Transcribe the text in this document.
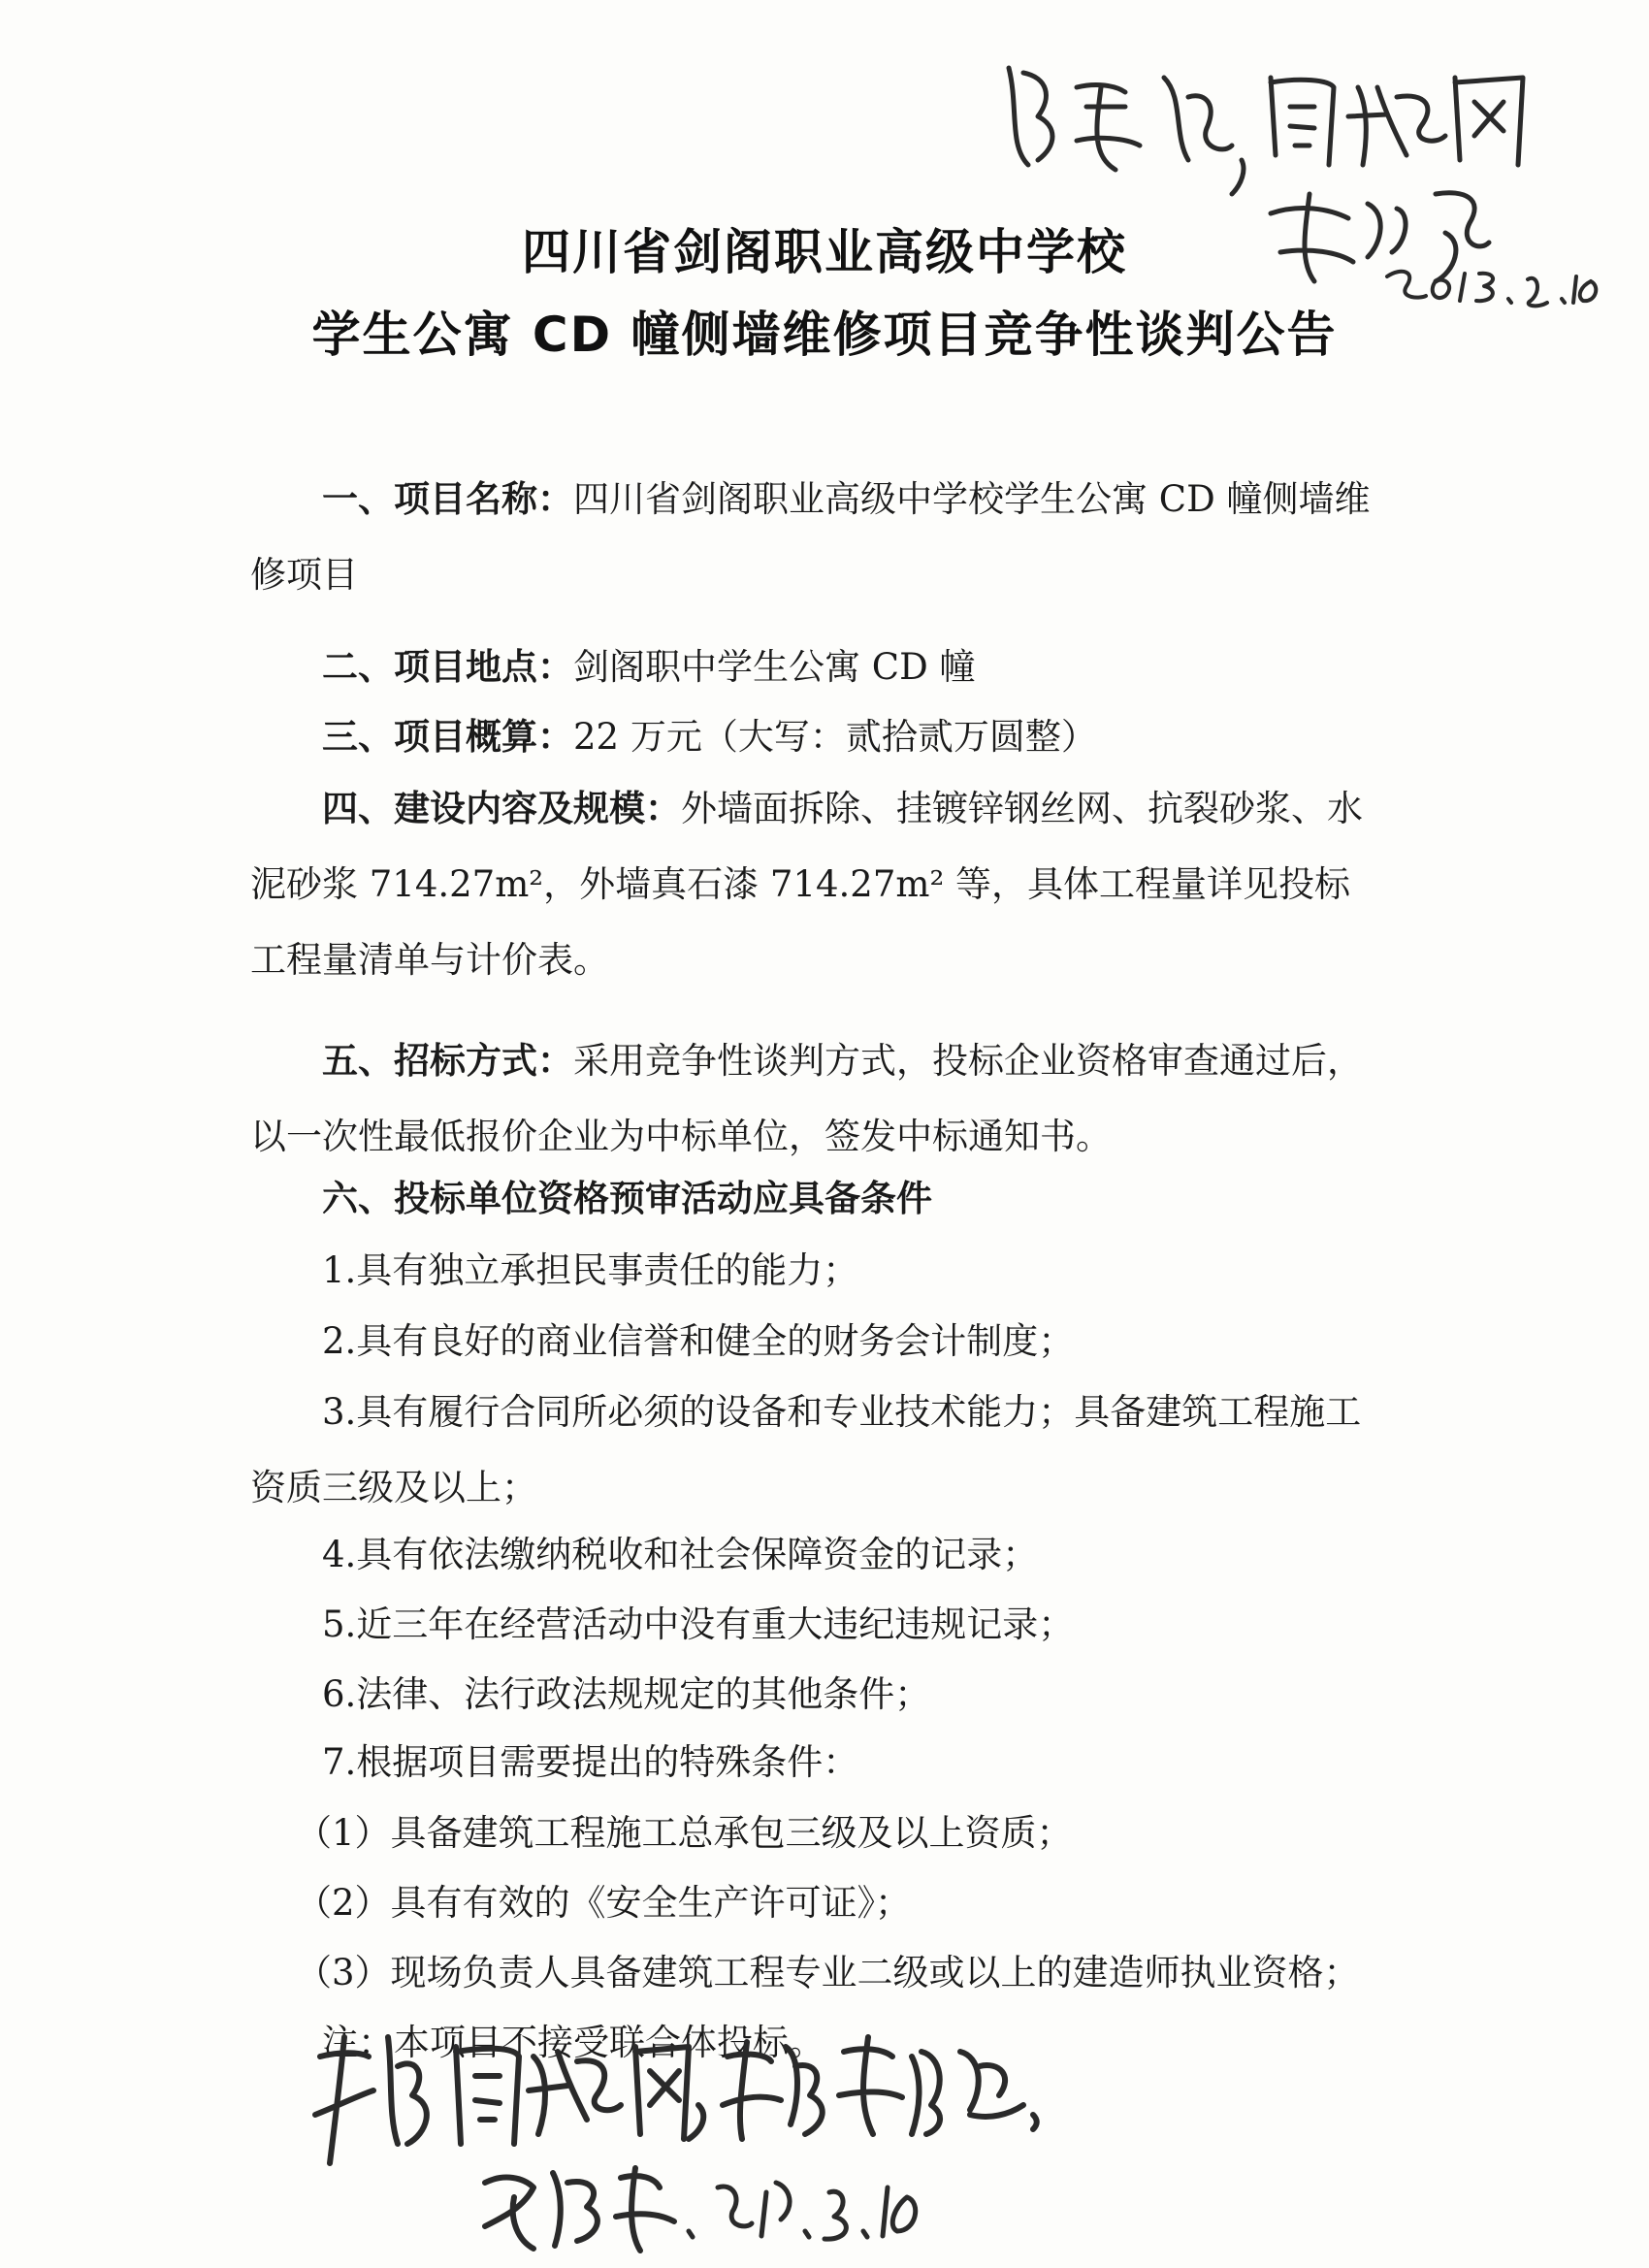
四川省剑阁职业高级中学校
学生公寓 CD 幢侧墙维修项目竞争性谈判公告
一、项目名称：四川省剑阁职业高级中学校学生公寓 CD 幢侧墙维修项目
二、项目地点：剑阁职中学生公寓 CD 幢
三、项目概算：22 万元（大写：贰拾贰万圆整）
四、建设内容及规模：外墙面拆除、挂镀锌钢丝网、抗裂砂浆、水泥砂浆 714.27m²，外墙真石漆 714.27m² 等，具体工程量详见投标工程量清单与计价表。
五、招标方式：采用竞争性谈判方式，投标企业资格审查通过后，以一次性最低报价企业为中标单位，签发中标通知书。
六、投标单位资格预审活动应具备条件
1.具有独立承担民事责任的能力；
2.具有良好的商业信誉和健全的财务会计制度；
3.具有履行合同所必须的设备和专业技术能力；具备建筑工程施工资质三级及以上；
4.具有依法缴纳税收和社会保障资金的记录；
5.近三年在经营活动中没有重大违纪违规记录；
6.法律、法行政法规规定的其他条件；
7.根据项目需要提出的特殊条件：
（1）具备建筑工程施工总承包三级及以上资质；
（2）具有有效的《安全生产许可证》；
（3）现场负责人具备建筑工程专业二级或以上的建造师执业资格；
注：本项目不接受联合体投标。
